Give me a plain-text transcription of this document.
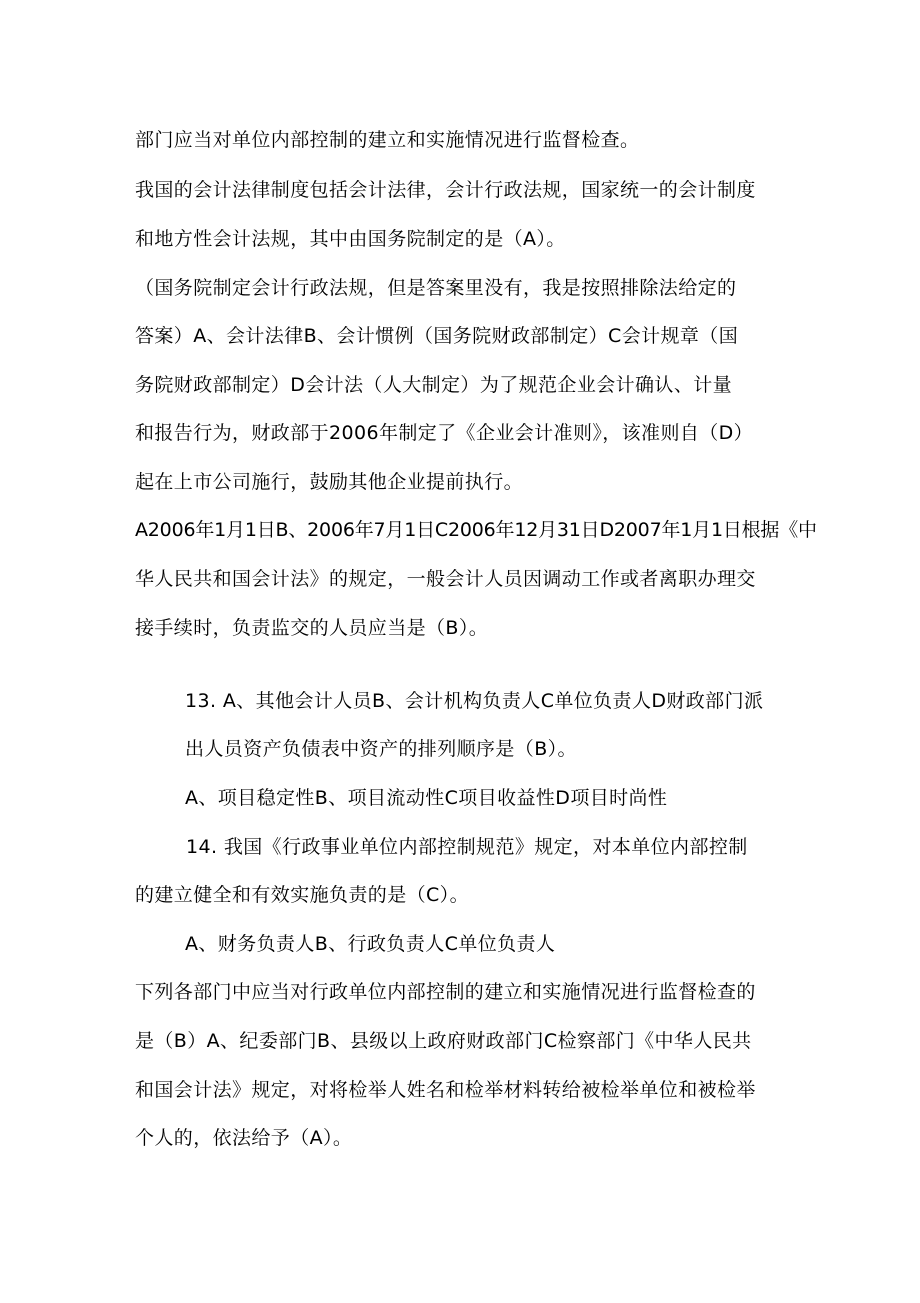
部门应当对单位内部控制的建立和实施情况进行监督检查。
我国的会计法律制度包括会计法律，会计行政法规，国家统一的会计制度
和地方性会计法规，其中由国务院制定的是（A）。
（国务院制定会计行政法规，但是答案里没有，我是按照排除法给定的
答案）A、会计法律B、会计惯例（国务院财政部制定）C会计规章（国
务院财政部制定）D会计法（人大制定）为了规范企业会计确认、计量
和报告行为，财政部于2006年制定了《企业会计准则》，该准则自（D）
起在上市公司施行，鼓励其他企业提前执行。
A2006年1月1日B、2006年7月1日C2006年12月31日D2007年1月1日根据《中
华人民共和国会计法》的规定，一般会计人员因调动工作或者离职办理交
接手续时，负责监交的人员应当是（B）。
13. A、其他会计人员B、会计机构负责人C单位负责人D财政部门派
出人员资产负债表中资产的排列顺序是（B）。
A、项目稳定性B、项目流动性C项目收益性D项目时尚性
14. 我国《行政事业单位内部控制规范》规定，对本单位内部控制
的建立健全和有效实施负责的是（C）。
A、财务负责人B、行政负责人C单位负责人
下列各部门中应当对行政单位内部控制的建立和实施情况进行监督检查的
是（B）A、纪委部门B、县级以上政府财政部门C检察部门《中华人民共
和国会计法》规定，对将检举人姓名和检举材料转给被检举单位和被检举
个人的，依法给予（A）。
